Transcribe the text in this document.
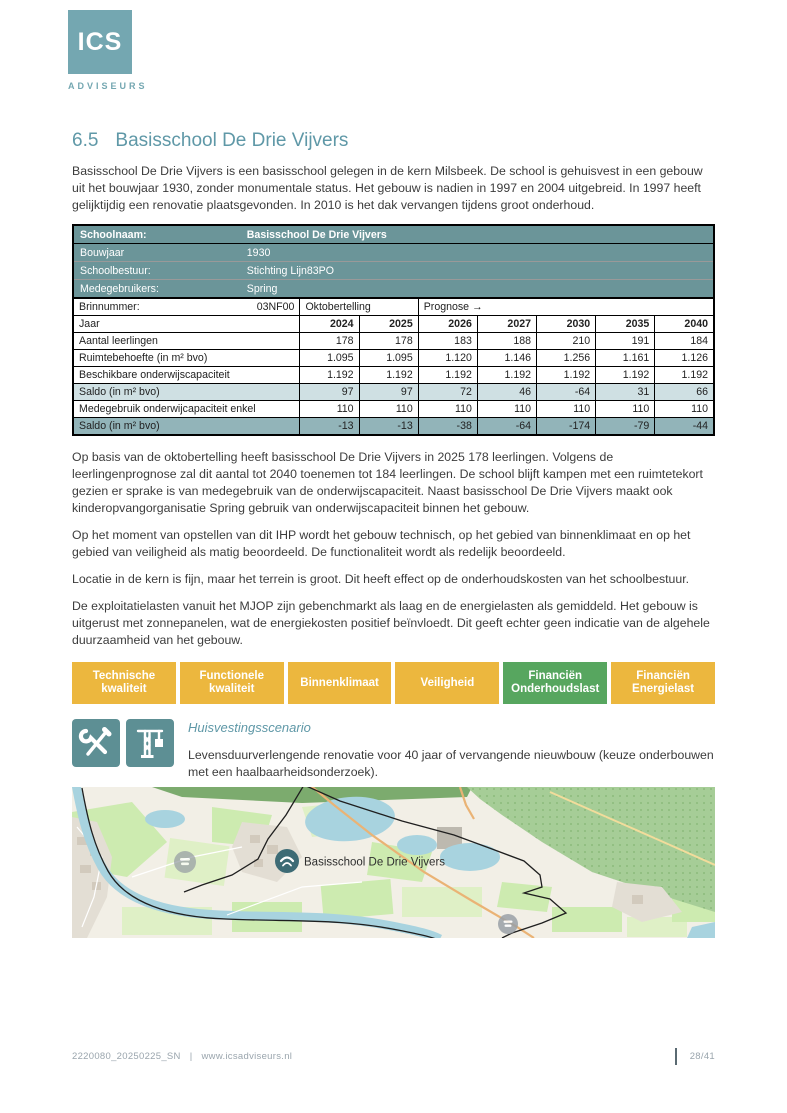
ICS
ADVISEURS
6.5 Basisschool De Drie Vijvers

Basisschool De Drie Vijvers is een basisschool gelegen in de kern Milsbeek. De school is gehuisvest in een gebouw uit het bouwjaar 1930, zonder monumentale status. Het gebouw is nadien in 1997 en 2004 uitgebreid. In 1997 heeft gelijktijdig een renovatie plaatsgevonden. In 2010 is het dak vervangen tijdens groot onderhoud.

Schoolnaam: Basisschool De Drie Vijvers							

Bouwjaar 1930							

Schoolbestuur: Stichting Lijn83PO							

Medegebruikers: Spring							

Brinnummer: 03NF00	Oktobertelling		Prognose →				
Jaar	2024	2025	2026	2027	2030	2035	2040
Aantal leerlingen	178	178	183	188	210	191	184
Ruimtebehoefte (in m² bvo)	1.095	1.095	1.120	1.146	1.256	1.161	1.126
Beschikbare onderwijscapaciteit	1.192	1.192	1.192	1.192	1.192	1.192	1.192
Saldo (in m² bvo)	97	97	72	46	-64	31	66
Medegebruik onderwijcapaciteit enkel	110	110	110	110	110	110	110
Saldo (in m² bvo)	-13	-13	-38	-64	-174	-79	-44

Op basis van de oktobertelling heeft basisschool De Drie Vijvers in 2025 178 leerlingen. Volgens de leerlingenprognose zal dit aantal tot 2040 toenemen tot 184 leerlingen. De school blijft kampen met een ruimtetekort gezien er sprake is van medegebruik van de onderwijscapaciteit. Naast basisschool De Drie Vijvers maakt ook kinderopvangorganisatie Spring gebruik van onderwijscapaciteit binnen het gebouw.

Op het moment van opstellen van dit IHP wordt het gebouw technisch, op het gebied van binnenklimaat en op het gebied van veiligheid als matig beoordeeld. De functionaliteit wordt als redelijk beoordeeld.

Locatie in de kern is fijn, maar het terrein is groot. Dit heeft effect op de onderhoudskosten van het schoolbestuur.

De exploitatielasten vanuit het MJOP zijn gebenchmarkt als laag en de energielasten als gemiddeld. Het gebouw is uitgerust met zonnepanelen, wat de energiekosten positief beïnvloedt. Dit geeft echter geen indicatie van de algehele duurzaamheid van het gebouw.

Technische kwaliteit
Functionele kwaliteit
Binnenklimaat	Veiligheid
Financiën Onderhoudslast
Financiën Energielast
Huisvestingsscenario
Levensduurverlengende renovatie voor 40 jaar of vervangende nieuwbouw (keuze onderbouwen met een haalbaarheidsonderzoek).
Basisschool De Drie Vijvers
2220080_20250225_SN | www.icsadviseurs.nl	28/41
